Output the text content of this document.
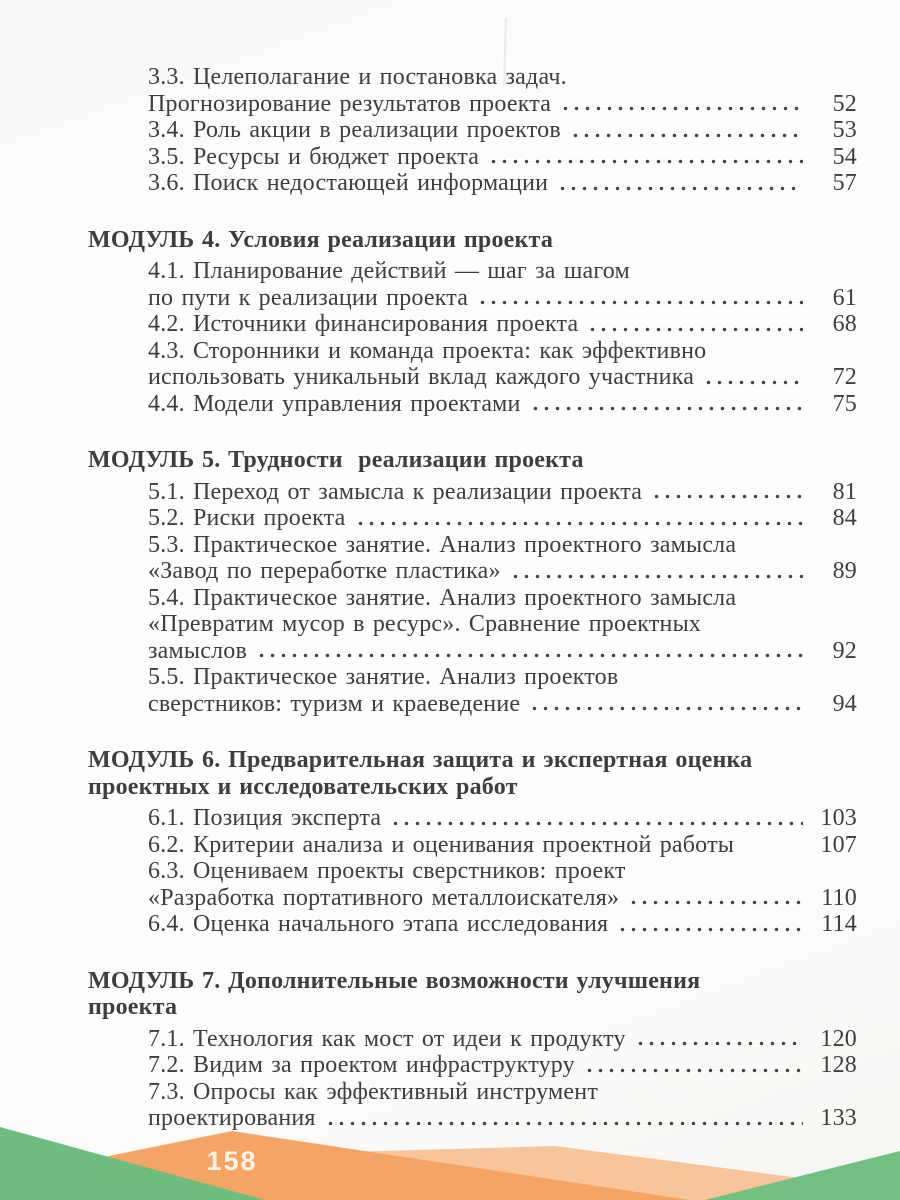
3.3. Целеполагание и постановка задач.
Прогнозирование результатов проекта	52
3.4. Роль акции в реализации проектов	53
3.5. Ресурсы и бюджет проекта	54
3.6. Поиск недостающей информации	57
МОДУЛЬ 4. Условия реализации проекта
4.1. Планирование действий — шаг за шагом
по пути к реализации проекта	61
4.2. Источники финансирования проекта	68
4.3. Сторонники и команда проекта: как эффективно
использовать уникальный вклад каждого участника	72
4.4. Модели управления проектами	75
МОДУЛЬ 5. Трудности  реализации проекта
5.1. Переход от замысла к реализации проекта	81
5.2. Риски проекта	84
5.3. Практическое занятие. Анализ проектного замысла
«Завод по переработке пластика»	89
5.4. Практическое занятие. Анализ проектного замысла
«Превратим мусор в ресурс». Сравнение проектных
замыслов	92
5.5. Практическое занятие. Анализ проектов
сверстников: туризм и краеведение	94
МОДУЛЬ 6. Предварительная защита и экспертная оценка
проектных и исследовательских работ
6.1. Позиция эксперта	103
6.2. Критерии анализа и оценивания проектной работы	107
6.3. Оцениваем проекты сверстников: проект
«Разработка портативного металлоискателя»	110
6.4. Оценка начального этапа исследования	114
МОДУЛЬ 7. Дополнительные возможности улучшения
проекта
7.1. Технология как мост от идеи к продукту	120
7.2. Видим за проектом инфраструктуру	128
7.3. Опросы как эффективный инструмент
проектирования	133
158
